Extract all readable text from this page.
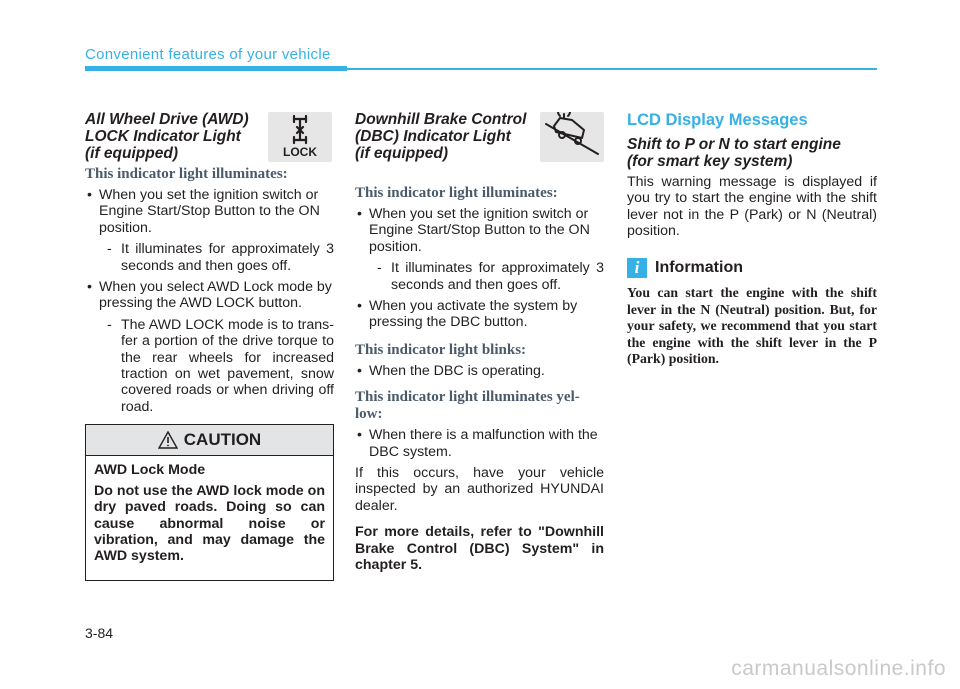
Convenient features of your vehicle

All Wheel Drive (AWD)

LOCK Indicator Light

(if equipped)	LOCK
This indicator light illuminates:
• When you set the ignition switch or Engine Start/Stop Button to the ON position.
- It illuminates for approximately 3 seconds and then goes off.
• When you select AWD Lock mode by pressing the AWD LOCK button.
- The AWD LOCK mode is to trans- fer a portion of the drive torque to the rear wheels for increased traction on wet pavement, snow covered roads or when driving off road.
CAUTION
AWD Lock Mode
Do not use the AWD lock mode on dry paved roads. Doing so can cause abnormal noise or vibration, and may damage the AWD system.

Downhill Brake Control

(DBC) Indicator Light

(if equipped)

This indicator light illuminates:
• When you set the ignition switch or Engine Start/Stop Button to the ON position.
- It illuminates for approximately 3 seconds and then goes off.
• When you activate the system by pressing the DBC button.
This indicator light blinks:
• When the DBC is operating.
This indicator light illuminates yel-
low:
• When there is a malfunction with the DBC system.
If this occurs, have your vehicle inspected by an authorized HYUNDAI dealer.
For more details, refer to "Downhill Brake Control (DBC) System" in chapter 5.
LCD Display Messages

Shift to P or N to start engine

(for smart key system)

This warning message is displayed if you try to start the engine with the shift lever not in the P (Park) or N (Neutral) position.
i Information
You can start the engine with the shift lever in the N (Neutral) position. But, for your safety, we recommend that you start the engine with the shift lever in the P (Park) position.
3-84
carmanualsonline.info
